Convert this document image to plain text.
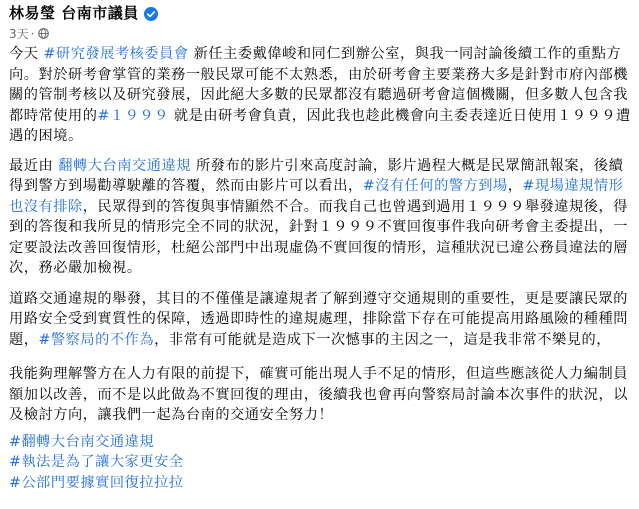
林易瑩 台南市議員
3天 ·

今天 #研究發展考核委員會 新任主委戴偉峻和同仁到辦公室，與我一同討論後續工作的重點方向。對於研考會掌管的業務一般民眾可能不太熟悉，由於研考會主要業務大多是針對市府內部機關的管制考核以及研究發展，因此絕大多數的民眾都沒有聽過研考會這個機關，但多數人包含我都時常使用的#１９９９ 就是由研考會負責，因此我也趁此機會向主委表達近日使用１９９９遭遇的困境。

最近由 翻轉大台南交通違規 所發布的影片引來高度討論，影片過程大概是民眾簡訊報案，後續得到警方到場勸導駛離的答覆，然而由影片可以看出，#沒有任何的警方到場，#現場違規情形也沒有排除，民眾得到的答復與事情顯然不合。而我自己也曾遇到過用１９９９舉發違規後，得到的答復和我所見的情形完全不同的狀況，針對１９９９不實回復事件我向研考會主委提出，一定要設法改善回復情形，杜絕公部門中出現虛偽不實回復的情形，這種狀況已違公務員違法的層次，務必嚴加檢視。

道路交通違規的舉發，其目的不僅僅是讓違規者了解到遵守交通規則的重要性，更是要讓民眾的用路安全受到實質性的保障，透過即時性的違規處理，排除當下存在可能提高用路風險的種種問題，#警察局的不作為，非常有可能就是造成下一次憾事的主因之一，這是我非常不樂見的，

我能夠理解警方在人力有限的前提下，確實可能出現人手不足的情形，但這些應該從人力編制員額加以改善，而不是以此做為不實回復的理由，後續我也會再向警察局討論本次事件的狀況，以及檢討方向，讓我們一起為台南的交通安全努力！

#翻轉大台南交通違規
#執法是為了讓大家更安全
#公部門要據實回復拉拉拉
